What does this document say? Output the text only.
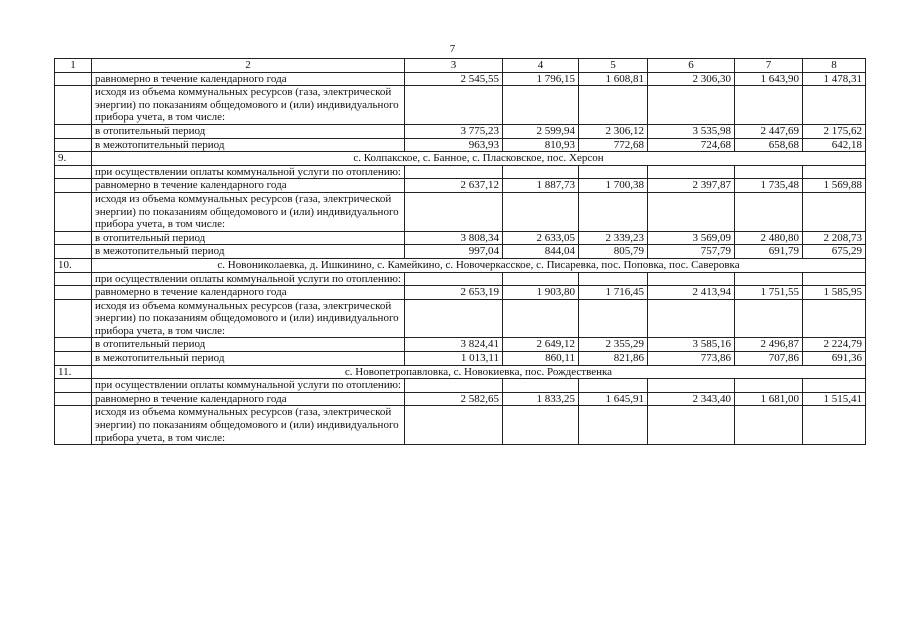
7
1	2	3	4	5	6	7	8
	равномерно в течение календарного года	2 545,55	1 796,15	1 608,81	2 306,30	1 643,90	1 478,31
	исходя из объема коммунальных ресурсов (газа, электрической энергии) по показаниям общедомового и (или) индивидуального прибора учета, в том числе:						
	в отопительный период	3 775,23	2 599,94	2 306,12	3 535,98	2 447,69	2 175,62
	в межотопительный период	963,93	810,93	772,68	724,68	658,68	642,18
9.	с. Колпакское, с. Банное, с. Пласковское, пос. Херсон						
	при осуществлении оплаты коммунальной услуги по отоплению:						
	равномерно в течение календарного года	2 637,12	1 887,73	1 700,38	2 397,87	1 735,48	1 569,88
	исходя из объема коммунальных ресурсов (газа, электрической энергии) по показаниям общедомового и (или) индивидуального прибора учета, в том числе:						
	в отопительный период	3 808,34	2 633,05	2 339,23	3 569,09	2 480,80	2 208,73
	в межотопительный период	997,04	844,04	805,79	757,79	691,79	675,29
10.	с. Новониколаевка, д. Ишкинино, с. Камейкино, с. Новочеркасское, с. Писаревка, пос. Поповка, пос. Саверовка						
	при осуществлении оплаты коммунальной услуги по отоплению:						
	равномерно в течение календарного года	2 653,19	1 903,80	1 716,45	2 413,94	1 751,55	1 585,95
	исходя из объема коммунальных ресурсов (газа, электрической энергии) по показаниям общедомового и (или) индивидуального прибора учета, в том числе:						
	в отопительный период	3 824,41	2 649,12	2 355,29	3 585,16	2 496,87	2 224,79
	в межотопительный период	1 013,11	860,11	821,86	773,86	707,86	691,36
11.	с. Новопетропавловка, с. Новокиевка, пос. Рождественка						
	при осуществлении оплаты коммунальной услуги по отоплению:						
	равномерно в течение календарного года	2 582,65	1 833,25	1 645,91	2 343,40	1 681,00	1 515,41
	исходя из объема коммунальных ресурсов (газа, электрической энергии) по показаниям общедомового и (или) индивидуального прибора учета, в том числе:						
